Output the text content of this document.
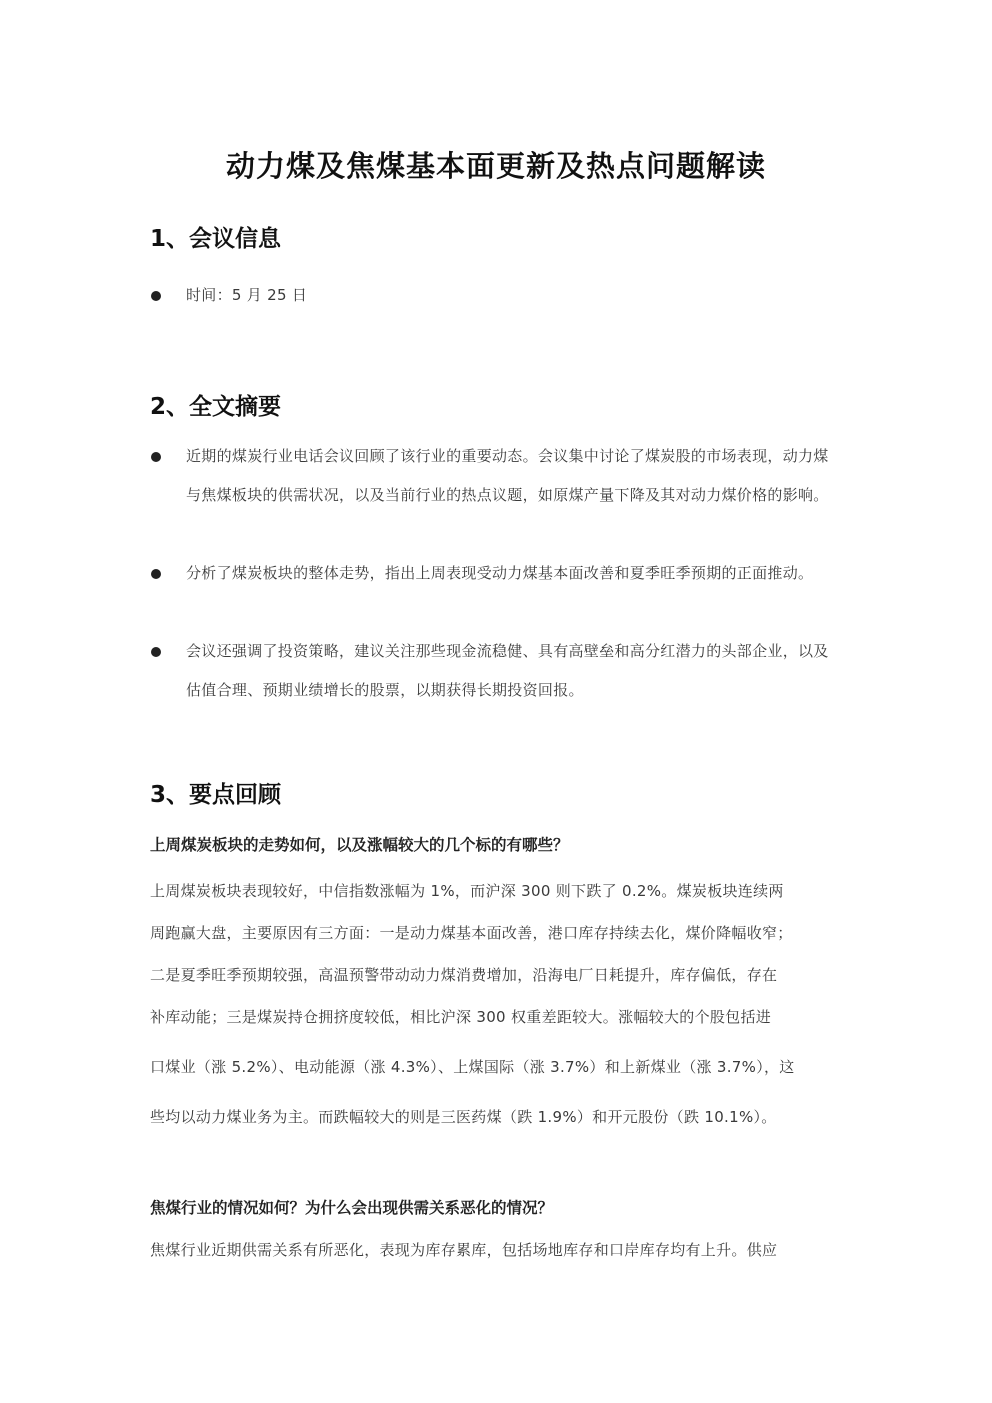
动力煤及焦煤基本面更新及热点问题解读
1、会议信息
时间：5 月 25 日
2、全文摘要
近期的煤炭行业电话会议回顾了该行业的重要动态。会议集中讨论了煤炭股的市场表现，动力煤与焦煤板块的供需状况，以及当前行业的热点议题，如原煤产量下降及其对动力煤价格的影响。
分析了煤炭板块的整体走势，指出上周表现受动力煤基本面改善和夏季旺季预期的正面推动。
会议还强调了投资策略，建议关注那些现金流稳健、具有高壁垒和高分红潜力的头部企业，以及估值合理、预期业绩增长的股票，以期获得长期投资回报。
3、要点回顾
上周煤炭板块的走势如何，以及涨幅较大的几个标的有哪些？
上周煤炭板块表现较好，中信指数涨幅为 1%，而沪深 300 则下跌了 0.2%。煤炭板块连续两
周跑赢大盘，主要原因有三方面：一是动力煤基本面改善，港口库存持续去化，煤价降幅收窄；
二是夏季旺季预期较强，高温预警带动动力煤消费增加，沿海电厂日耗提升，库存偏低，存在
补库动能；三是煤炭持仓拥挤度较低，相比沪深 300 权重差距较大。涨幅较大的个股包括进
口煤业（涨 5.2%）、电动能源（涨 4.3%）、上煤国际（涨 3.7%）和上新煤业（涨 3.7%），这
些均以动力煤业务为主。而跌幅较大的则是三医药煤（跌 1.9%）和开元股份（跌 10.1%）。
焦煤行业的情况如何？为什么会出现供需关系恶化的情况？
焦煤行业近期供需关系有所恶化，表现为库存累库，包括场地库存和口岸库存均有上升。供应
